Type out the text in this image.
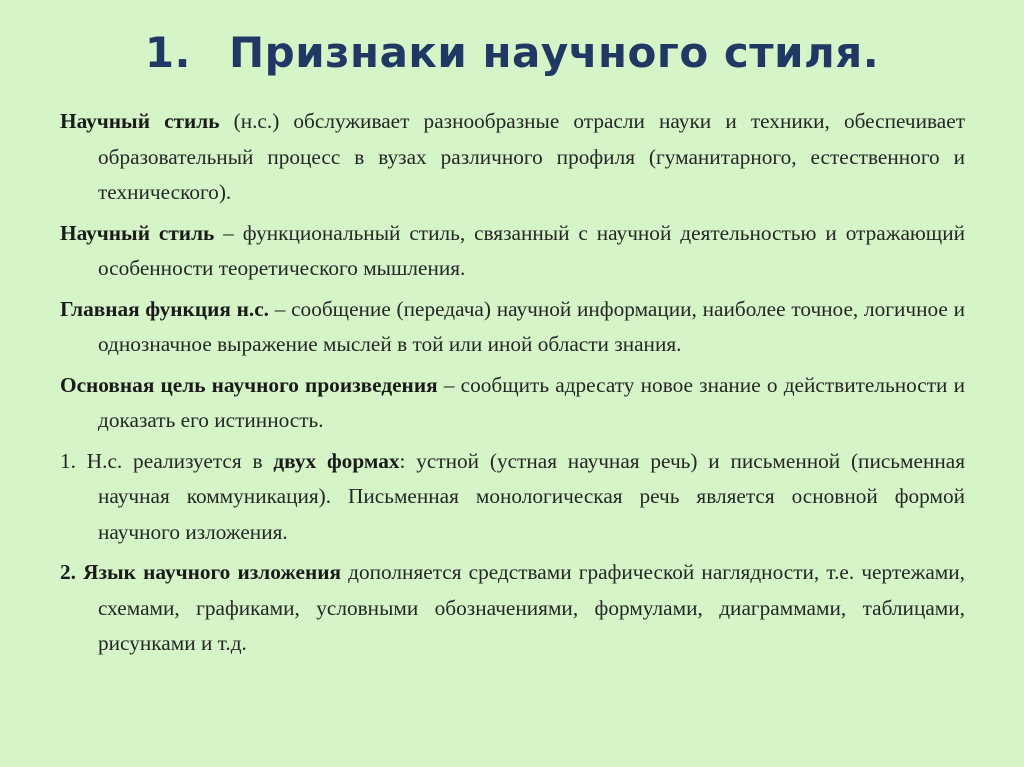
1. Признаки научного стиля.

Научный стиль (н.с.) обслуживает разнообразные отрасли науки и техники, обеспечивает образовательный процесс в вузах различного профиля (гуманитарного, естественного и технического).

Научный стиль – функциональный стиль, связанный с научной деятельностью и отражающий особенности теоретического мышления.

Главная функция н.с. – сообщение (передача) научной информации, наиболее точное, логичное и однозначное выражение мыслей в той или иной области знания.

Основная цель научного произведения – сообщить адресату новое знание о действительности и доказать его истинность.

1. Н.с. реализуется в двух формах: устной (устная научная речь) и письменной (письменная научная коммуникация). Письменная монологическая речь является основной формой научного изложения.

2. Язык научного изложения дополняется средствами графической наглядности, т.е. чертежами, схемами, графиками, условными обозначениями, формулами, диаграммами, таблицами, рисунками и т.д.
